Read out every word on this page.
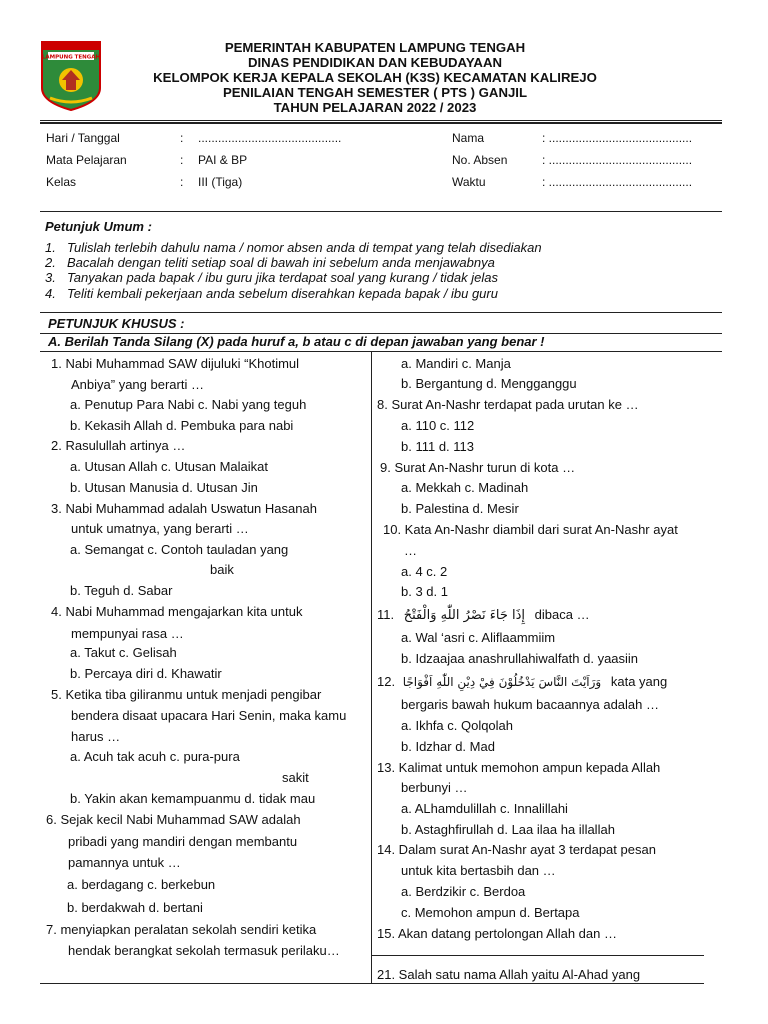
LAMPUNG TENGAH
PEMERINTAH KABUPATEN LAMPUNG TENGAH
DINAS PENDIDIKAN DAN KEBUDAYAAN
KELOMPOK KERJA KEPALA SEKOLAH (K3S) KECAMATAN KALIREJO
PENILAIAN TENGAH SEMESTER ( PTS ) GANJIL
TAHUN PELAJARAN 2022 / 2023
Hari / Tanggal	: ...........................................
Mata Pelajaran	: PAI & BP
Kelas	: III (Tiga)
Nama	: ...........................................
No. Absen	: ...........................................
Waktu	: ...........................................
Petunjuk Umum :
1. Tulislah terlebih dahulu nama / nomor absen anda di tempat yang telah disediakan
2. Bacalah dengan teliti setiap soal di bawah ini sebelum anda menjawabnya
3. Tanyakan pada bapak / ibu guru jika terdapat soal yang kurang / tidak jelas
4. Teliti kembali pekerjaan anda sebelum diserahkan kepada bapak / ibu guru
PETUNJUK KHUSUS :
A. Berilah Tanda Silang (X) pada huruf a, b atau c di depan jawaban yang benar !
1. Nabi Muhammad SAW dijuluki “Khotimul
Anbiya” yang berarti …
a. Penutup Para Nabi c. Nabi yang teguh
b. Kekasih Allah d. Pembuka para nabi
2. Rasulullah artinya …
a. Utusan Allah c. Utusan Malaikat
b. Utusan Manusia d. Utusan Jin
3. Nabi Muhammad adalah Uswatun Hasanah
untuk umatnya, yang berarti …
a. Semangat c. Contoh tauladan yang
baik
b. Teguh d. Sabar
4. Nabi Muhammad mengajarkan kita untuk
mempunyai rasa …
a. Takut c. Gelisah
b. Percaya diri d. Khawatir
5. Ketika tiba giliranmu untuk menjadi pengibar
bendera disaat upacara Hari Senin, maka kamu
harus …
a. Acuh tak acuh c. pura-pura
sakit
b. Yakin akan kemampuanmu d. tidak mau
6. Sejak kecil Nabi Muhammad SAW adalah
pribadi yang mandiri dengan membantu
pamannya untuk …
a. berdagang c. berkebun
b. berdakwah d. bertani
7. menyiapkan peralatan sekolah sendiri ketika
hendak berangkat sekolah termasuk perilaku…
a. Mandiri c. Manja
b. Bergantung d. Mengganggu
8. Surat An-Nashr terdapat pada urutan ke …
a. 110 c. 112
b. 111 d. 113
9. Surat An-Nashr turun di kota …
a. Mekkah c. Madinah
b. Palestina d. Mesir
10. Kata An-Nashr diambil dari surat An-Nashr ayat
…
a. 4 c. 2
b. 3 d. 1
11. إِذَا جَاءَ نَصْرُ اللّٰهِ وَالْفَتْحُ dibaca …
a. Wal ‘asri c. Aliflaammiim
b. Idzaajaa anashrullahiwalfath d. yaasiin
12. وَرَاَيْتَ النَّاسَ يَدْخُلُوْنَ فِيْ دِيْنِ اللّٰهِ اَفْوَاجًا kata yang
bergaris bawah hukum bacaannya adalah …
a. Ikhfa c. Qolqolah
b. Idzhar d. Mad
13. Kalimat untuk memohon ampun kepada Allah
berbunyi …
a. ALhamdulillah c. Innalillahi
b. Astaghfirullah d. Laa ilaa ha illallah
14. Dalam surat An-Nashr ayat 3 terdapat pesan
untuk kita bertasbih dan …
a. Berdzikir c. Berdoa
c. Memohon ampun d. Bertapa
15. Akan datang pertolongan Allah dan …
21. Salah satu nama Allah yaitu Al-Ahad yang
